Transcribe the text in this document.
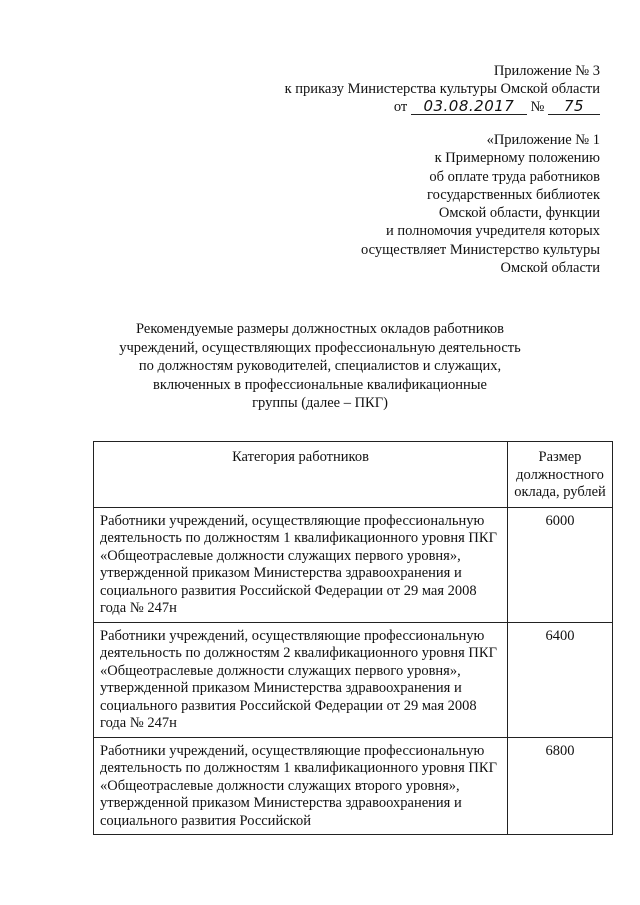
Приложение № 3
к приказу Министерства культуры Омской области
от 03.08.2017 № 75
«Приложение № 1
к Примерному положению
об оплате труда работников
государственных библиотек
Омской области, функции
и полномочия учредителя которых
осуществляет Министерство культуры
Омской области
Рекомендуемые размеры должностных окладов работников
учреждений, осуществляющих профессиональную деятельность
по должностям руководителей, специалистов и служащих,
включенных в профессиональные квалификационные
группы (далее – ПКГ)
Категория работников	Размер должностного оклада, рублей
Работники учреждений, осуществляющие профессиональную деятельность по должностям 1 квалификационного уровня ПКГ «Общеотраслевые должности служащих первого уровня», утвержденной приказом Министерства здравоохранения и социального развития Российской Федерации от 29 мая 2008 года № 247н	6000
Работники учреждений, осуществляющие профессиональную деятельность по должностям 2 квалификационного уровня ПКГ «Общеотраслевые должности служащих первого уровня», утвержденной приказом Министерства здравоохранения и социального развития Российской Федерации от 29 мая 2008 года № 247н	6400
Работники учреждений, осуществляющие профессиональную деятельность по должностям 1 квалификационного уровня ПКГ «Общеотраслевые должности служащих второго уровня», утвержденной приказом Министерства здравоохранения и социального развития Российской	6800
